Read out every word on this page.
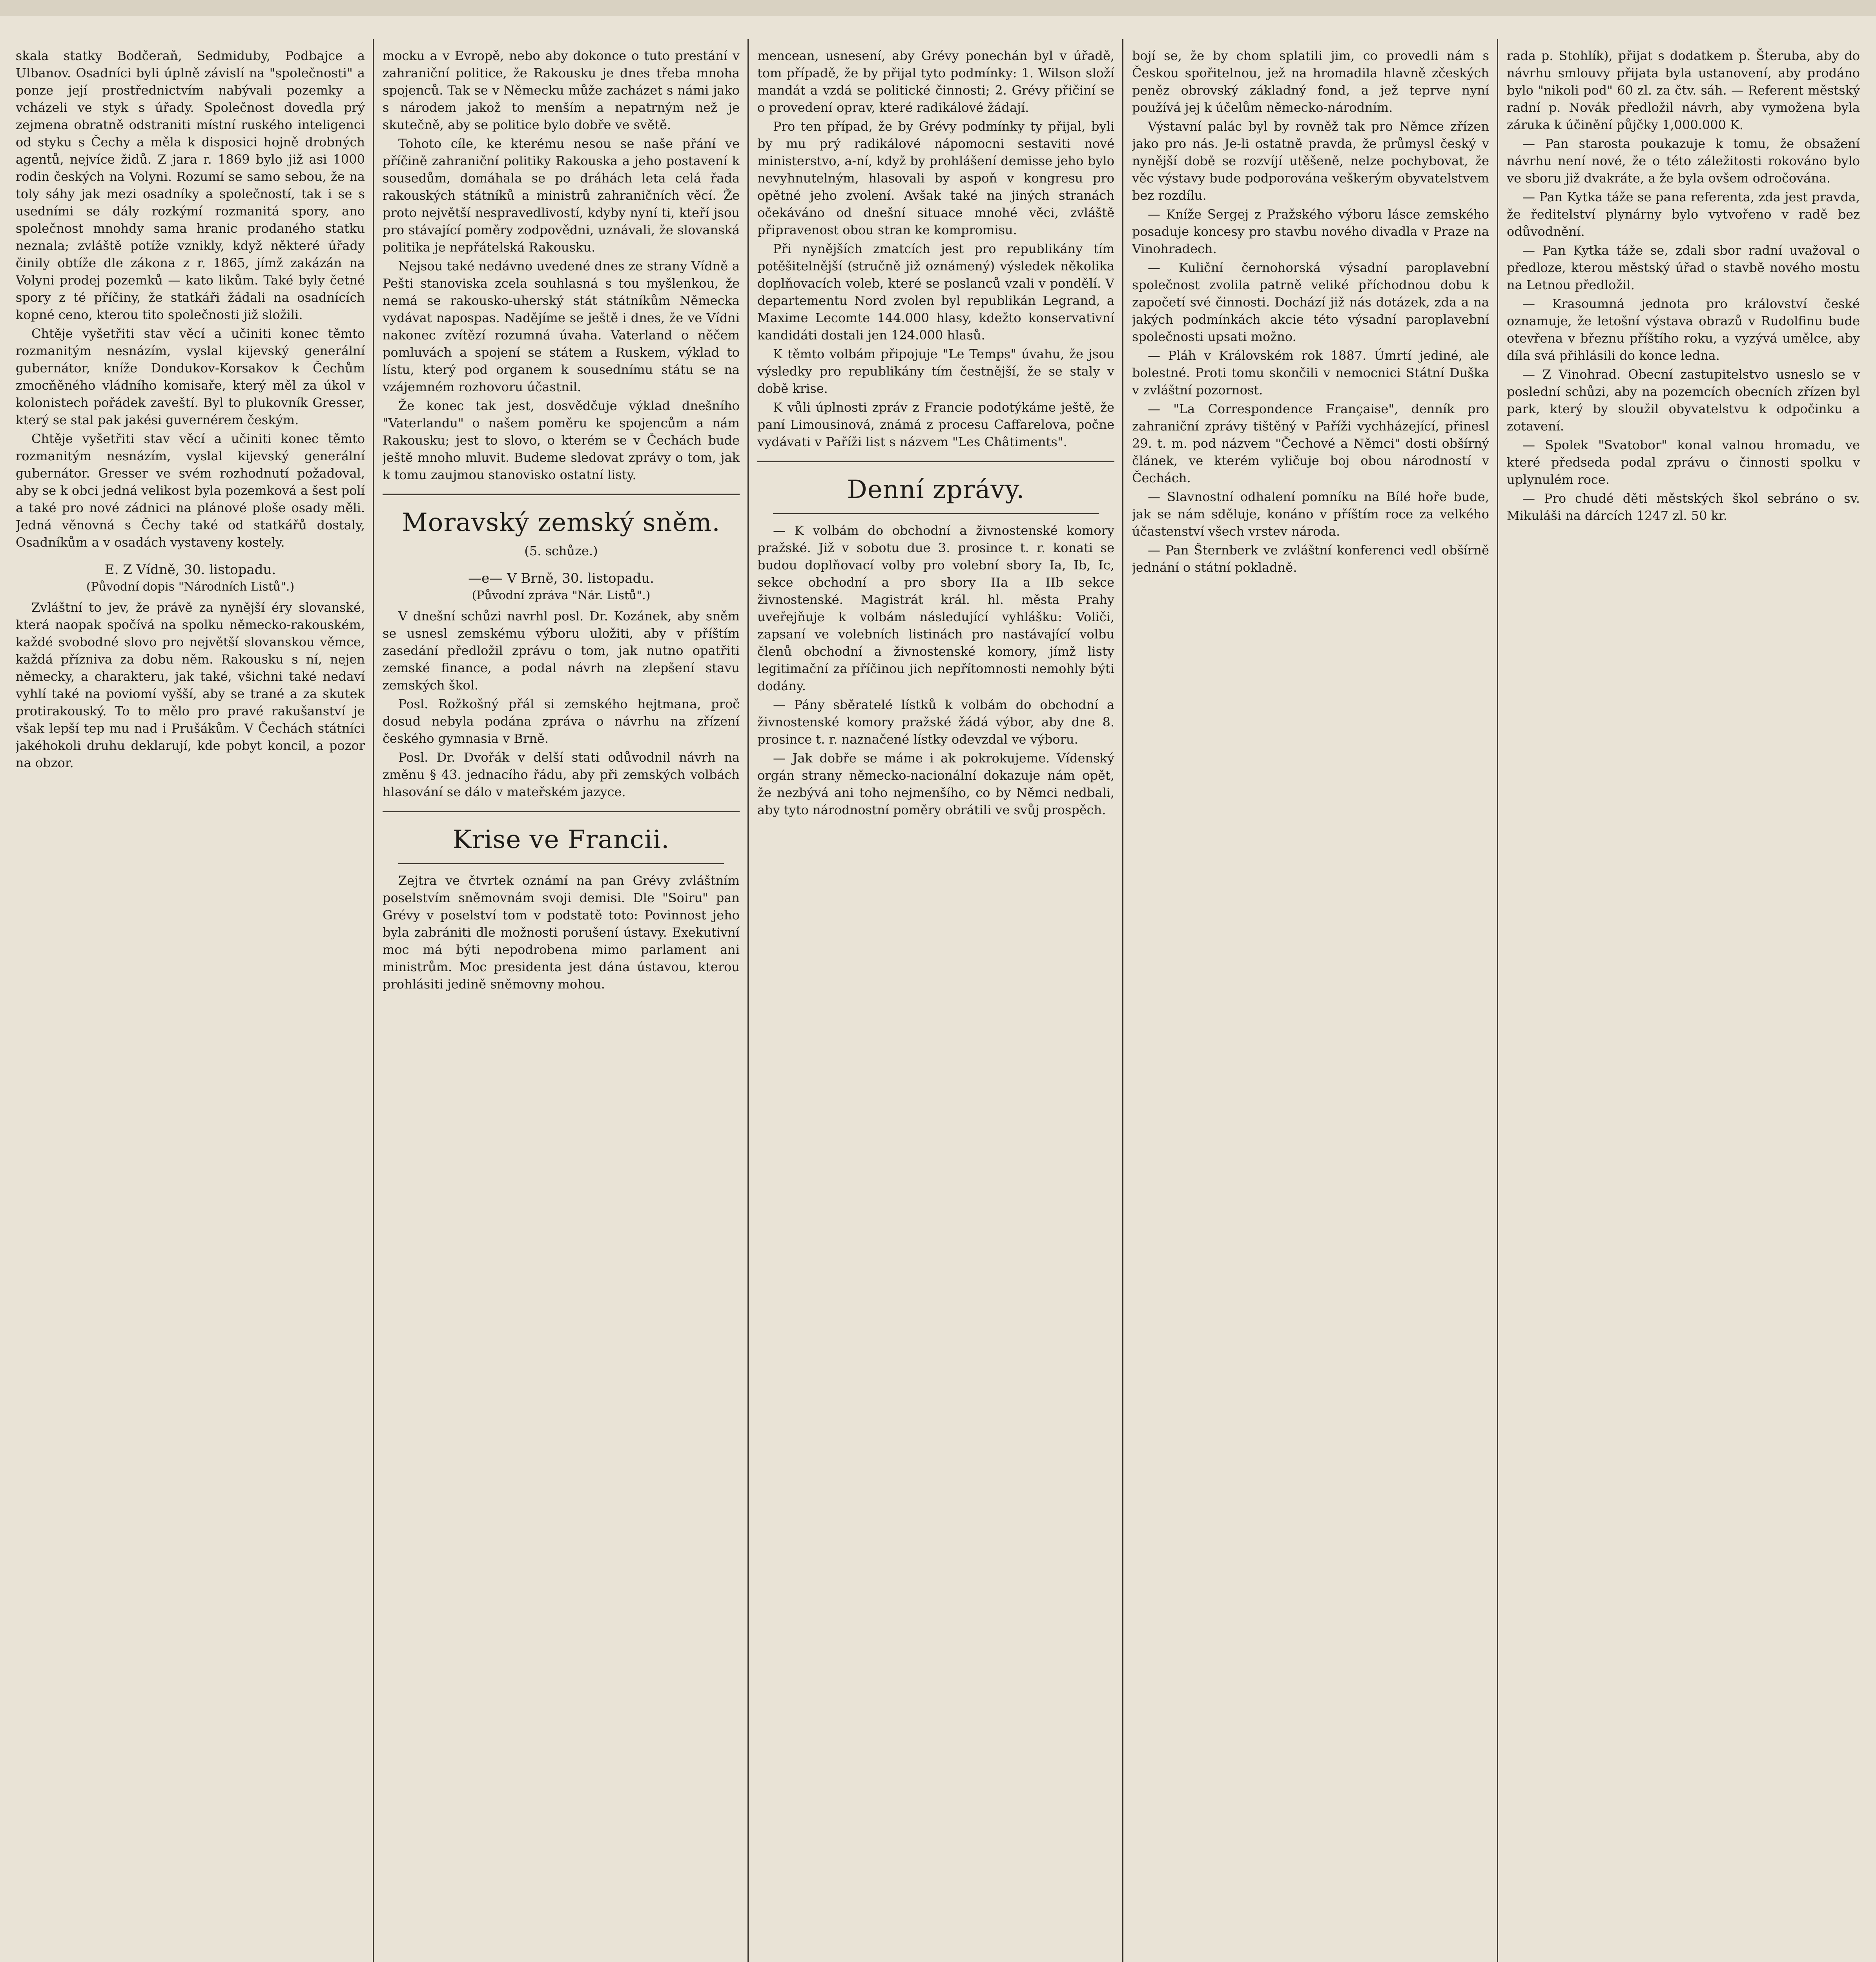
skala statky Bodčeraň, Sedmiduby, Podbajce a Ulbanov. Osadníci byli úplně závislí na "společnosti" a ponze její prostřednictvím nabývali pozemky a vcházeli ve styk s úřady. Společnost dovedla prý zejmena obratně odstraniti místní ruského inteligenci od styku s Čechy a měla k disposici hojně drobných agentů, nejvíce židů. Z jara r. 1869 bylo již asi 1000 rodin českých na Volyni. Rozumí se samo sebou, že na toly sáhy jak mezi osadníky a společností, tak i se s usedními se dály rozkýmí rozmanitá spory, ano společnost mnohdy sama hranic prodaného statku neznala; zvláště potíže vznikly, když některé úřady činily obtíže dle zákona z r. 1865, jímž zakázán na Volyni prodej pozemků — kato likům. Také byly četné spory z té příčiny, že statkáři žádali na osadnících kopné ceno, kterou tito společnosti již složili.

Chtěje vyšetřiti stav věcí a učiniti konec těmto rozmanitým nesnázím, vyslal kijevský generální gubernátor, kníže Dondukov-Korsakov k Čechům zmocňěného vládního komisaře, který měl za úkol v kolonistech pořádek zaveští. Byl to plukovník Gresser, který se stal pak jakési guvernérem českým.

Chtěje vyšetřiti stav věcí a učiniti konec těmto rozmanitým nesnázím, vyslal kijevský generální gubernátor. Gresser ve svém rozhodnutí požadoval, aby se k obci jedná velikost byla pozemková a šest polí a také pro nové zádnici na plánové ploše osady měli. Jedná věnovná s Čechy také od statkářů dostaly, Osadníkům a v osadách vystaveny kostely.

E. Z Vídně, 30. listopadu.
(Původní dopis "Národních Listů".)

Zvláštní to jev, že právě za nynější éry slovanské, která naopak spočívá na spolku německo-rakouském, každé svobodné slovo pro největší slovanskou věmce, každá přízniva za dobu něm. Rakousku s ní, nejen německy, a charakteru, jak také, všichni také nedaví vyhlí také na poviomí vyšší, aby se trané a za skutek protirakouský. To to mělo pro pravé rakušanství je však lepší tep mu nad i Prušákům. V Čechách státníci jakéhokoli druhu deklarují, kde pobyt koncil, a pozor na obzor.

mocku a v Evropě, nebo aby dokonce o tuto prestání v zahraniční politice, že Rakousku je dnes třeba mnoha spojenců. Tak se v Německu může zacházet s námi jako s národem jakož to menším a nepatrným než je skutečně, aby se politice bylo dobře ve světě.

Tohoto cíle, ke kterému nesou se naše přání ve příčině zahraniční politiky Rakouska a jeho postavení k sousedům, domáhala se po dráhách leta celá řada rakouských státníků a ministrů zahraničních věcí. Že proto největší nespravedlivostí, kdyby nyní ti, kteří jsou pro stávající poměry zodpovědni, uznávali, že slovanská politika je nepřátelská Rakousku.

Nejsou také nedávno uvedené dnes ze strany Vídně a Pešti stanoviska zcela souhlasná s tou myšlenkou, že nemá se rakousko-uherský stát státníkům Německa vydávat napospas. Nadějíme se ještě i dnes, že ve Vídni nakonec zvítězí rozumná úvaha. Vaterland o něčem pomluvách a spojení se státem a Ruskem, výklad to lístu, který pod organem k sousednímu státu se na vzájemném rozhovoru účastnil.

Že konec tak jest, dosvědčuje výklad dnešního "Vaterlandu" o našem poměru ke spojencům a nám Rakousku; jest to slovo, o kterém se v Čechách bude ještě mnoho mluvit. Budeme sledovat zprávy o tom, jak k tomu zaujmou stanovisko ostatní listy.

Moravský zemský sněm.
(5. schůze.)
—e— V Brně, 30. listopadu.
(Původní zpráva "Nár. Listů".)

V dnešní schůzi navrhl posl. Dr. Kozánek, aby sněm se usnesl zemskému výboru uložiti, aby v příštím zasedání předložil zprávu o tom, jak nutno opatřiti zemské finance, a podal návrh na zlepšení stavu zemských škol.

Posl. Rožkošný přál si zemského hejtmana, proč dosud nebyla podána zpráva o návrhu na zřízení českého gymnasia v Brně.

Posl. Dr. Dvořák v delší stati odůvodnil návrh na změnu § 43. jednacího řádu, aby při zemských volbách hlasování se dálo v mateřském jazyce.

Krise ve Francii.

Zejtra ve čtvrtek oznámí na pan Grévy zvláštním poselstvím sněmovnám svoji demisi. Dle "Soiru" pan Grévy v poselství tom v podstatě toto: Povinnost jeho byla zabrániti dle možnosti porušení ústavy. Exekutivní moc má býti nepodrobena mimo parlament ani ministrům. Moc presidenta jest dána ústavou, kterou prohlásiti jedině sněmovny mohou.

mencean, usnesení, aby Grévy ponechán byl v úřadě, tom případě, že by přijal tyto podmínky: 1. Wilson složí mandát a vzdá se politické činnosti; 2. Grévy přičiní se o provedení oprav, které radikálové žádají.

Pro ten případ, že by Grévy podmínky ty přijal, byli by mu prý radikálové nápomocni sestaviti nové ministerstvo, a-ní, když by prohlášení demisse jeho bylo nevyhnutelným, hlasovali by aspoň v kongresu pro opětné jeho zvolení. Avšak také na jiných stranách očekáváno od dnešní situace mnohé věci, zvláště připravenost obou stran ke kompromisu.

Při nynějších zmatcích jest pro republikány tím potěšitelnější (stručně již oznámený) výsledek několika doplňovacích voleb, které se poslanců vzali v pondělí. V departementu Nord zvolen byl republikán Legrand, a Maxime Lecomte 144.000 hlasy, kdežto konservativní kandidáti dostali jen 124.000 hlasů.

K těmto volbám připojuje "Le Temps" úvahu, že jsou výsledky pro republikány tím čestnější, že se staly v době krise.

K vůli úplnosti zpráv z Francie podotýkáme ještě, že paní Limousinová, známá z procesu Caffarelova, počne vydávati v Paříži list s názvem "Les Châtiments".

Denní zprávy.

— K volbám do obchodní a živnostenské komory pražské. Již v sobotu due 3. prosince t. r. konati se budou doplňovací volby pro volební sbory Ia, Ib, Ic, sekce obchodní a pro sbory IIa a IIb sekce živnostenské. Magistrát král. hl. města Prahy uveřejňuje k volbám následující vyhlášku: Voliči, zapsaní ve volebních listinách pro nastávající volbu členů obchodní a živnostenské komory, jímž listy legitimační za příčinou jich nepřítomnosti nemohly býti dodány.

— Pány sběratelé lístků k volbám do obchodní a živnostenské komory pražské žádá výbor, aby dne 8. prosince t. r. naznačené lístky odevzdal ve výboru.

— Jak dobře se máme i ak pokrokujeme. Vídenský orgán strany německo-nacionální dokazuje nám opět, že nezbývá ani toho nejmenšího, co by Němci nedbali, aby tyto národnostní poměry obrátili ve svůj prospěch.

bojí se, že by chom splatili jim, co provedli nám s Českou spořitelnou, jež na hromadila hlavně zčeských peněz obrovský základný fond, a jež teprve nyní používá jej k účelům německo-národním.

Výstavní palác byl by rovněž tak pro Němce zřízen jako pro nás. Je-li ostatně pravda, že průmysl český v nynější době se rozvíjí utěšeně, nelze pochybovat, že věc výstavy bude podporována veškerým obyvatelstvem bez rozdílu.

— Kníže Sergej z Pražského výboru lásce zemského posaduje koncesy pro stavbu nového divadla v Praze na Vinohradech.

— Kuliční černohorská výsadní paroplavební společnost zvolila patrně veliké příchodnou dobu k započetí své činnosti. Dochází již nás dotázek, zda a na jakých podmínkách akcie této výsadní paroplavební společnosti upsati možno.

— Pláh v Královském rok 1887. Úmrtí jediné, ale bolestné. Proti tomu skončili v nemocnici Státní Duška v zvláštní pozornost.

— "La Correspondence Française", denník pro zahraniční zprávy tištěný v Paříži vychházející, přinesl 29. t. m. pod názvem "Čechové a Němci" dosti obšírný článek, ve kterém vyličuje boj obou národností v Čechách.

— Slavnostní odhalení pomníku na Bílé hoře bude, jak se nám sděluje, konáno v příštím roce za velkého účastenství všech vrstev národa.

— Pan Šternberk ve zvláštní konferenci vedl obšírně jednání o státní pokladně.

rada p. Stohlík), přijat s dodatkem p. Šteruba, aby do návrhu smlouvy přijata byla ustanovení, aby prodáno bylo "nikoli pod" 60 zl. za čtv. sáh. — Referent městský radní p. Novák předložil návrh, aby vymožena byla záruka k účinění půjčky 1,000.000 K.

— Pan starosta poukazuje k tomu, že obsažení návrhu není nové, že o této záležitosti rokováno bylo ve sboru již dvakráte, a že byla ovšem odročována.

— Pan Kytka táže se pana referenta, zda jest pravda, že ředitelství plynárny bylo vytvořeno v radě bez odůvodnění.

— Pan Kytka táže se, zdali sbor radní uvažoval o předloze, kterou městský úřad o stavbě nového mostu na Letnou předložil.

— Krasoumná jednota pro království české oznamuje, že letošní výstava obrazů v Rudolfinu bude otevřena v březnu příštího roku, a vyzývá umělce, aby díla svá přihlásili do konce ledna.

— Z Vinohrad. Obecní zastupitelstvo usneslo se v poslední schůzi, aby na pozemcích obecních zřízen byl park, který by sloužil obyvatelstvu k odpočinku a zotavení.

— Spolek "Svatobor" konal valnou hromadu, ve které předseda podal zprávu o činnosti spolku v uplynulém roce.

— Pro chudé děti městských škol sebráno o sv. Mikuláši na dárcích 1247 zl. 50 kr.
